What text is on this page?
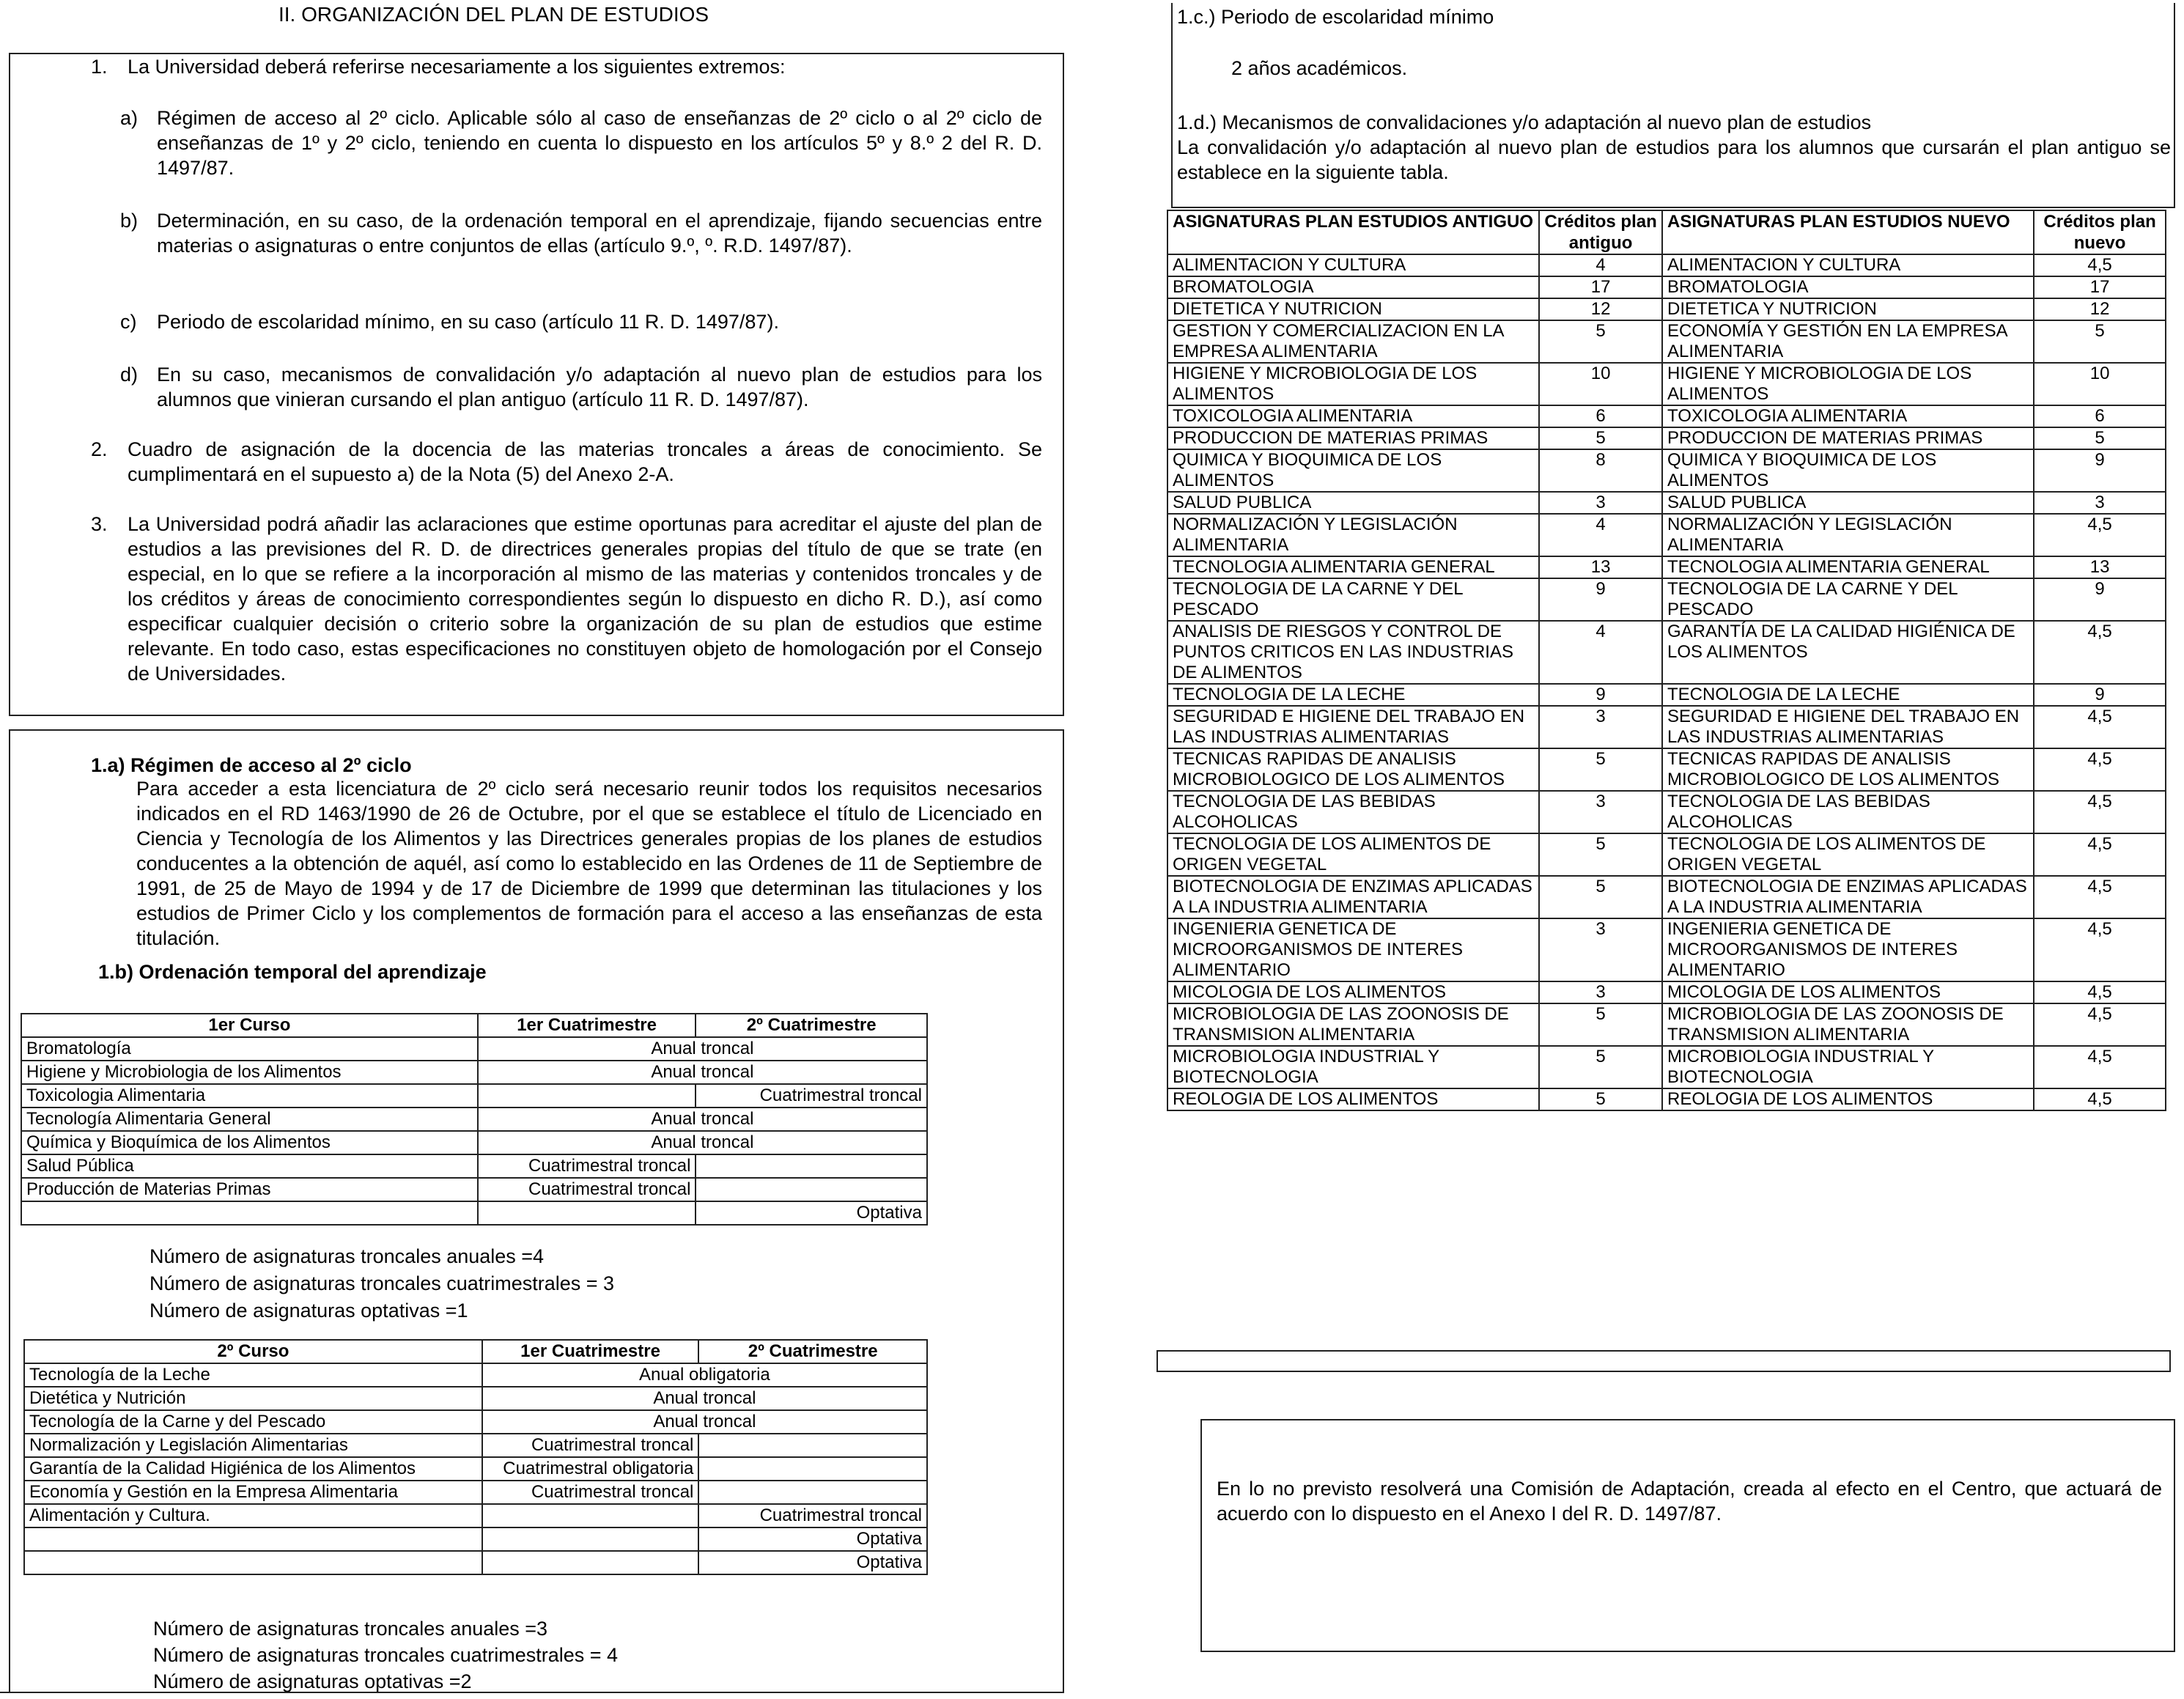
II. ORGANIZACIÓN DEL PLAN DE ESTUDIOS
1. La Universidad deberá referirse necesariamente a los siguientes extremos:
a) Régimen de acceso al 2º ciclo. Aplicable sólo al caso de enseñanzas de 2º ciclo o al 2º ciclo de enseñanzas de 1º y 2º ciclo, teniendo en cuenta lo dispuesto en los artículos 5º y 8.º 2 del R. D. 1497/87.
b) Determinación, en su caso, de la ordenación temporal en el aprendizaje, fijando secuencias entre materias o asignaturas o entre conjuntos de ellas (artículo 9.º, º. R.D. 1497/87).
c) Periodo de escolaridad mínimo, en su caso (artículo 11 R. D. 1497/87).
d) En su caso, mecanismos de convalidación y/o adaptación al nuevo plan de estudios para los alumnos que vinieran cursando el plan antiguo (artículo 11 R. D. 1497/87).
2. Cuadro de asignación de la docencia de las materias troncales a áreas de conocimiento. Se cumplimentará en el supuesto a) de la Nota (5) del Anexo 2-A.
3. La Universidad podrá añadir las aclaraciones que estime oportunas para acreditar el ajuste del plan de estudios a las previsiones del R. D. de directrices generales propias del título de que se trate (en especial, en lo que se refiere a la incorporación al mismo de las materias y contenidos troncales y de los créditos y áreas de conocimiento correspondientes según lo dispuesto en dicho R. D.), así como especificar cualquier decisión o criterio sobre la organización de su plan de estudios que estime relevante. En todo caso, estas especificaciones no constituyen objeto de homologación por el Consejo de Universidades.
1.a) Régimen de acceso al 2º ciclo
Para acceder a esta licenciatura de 2º ciclo será necesario reunir todos los requisitos necesarios indicados en el RD 1463/1990 de 26 de Octubre, por el que se establece el título de Licenciado en Ciencia y Tecnología de los Alimentos y las Directrices generales propias de los planes de estudios conducentes a la obtención de aquél, así como lo establecido en las Ordenes de 11 de Septiembre de 1991, de 25 de Mayo de 1994 y de 17 de Diciembre de 1999 que determinan las titulaciones y los estudios de Primer Ciclo y los complementos de formación para el acceso a las enseñanzas de esta titulación.
1.b) Ordenación temporal del aprendizaje
1er Curso	1er Cuatrimestre	2º Cuatrimestre
Bromatología	Anual troncal	
Higiene y Microbiologia de los Alimentos	Anual troncal	
Toxicologia Alimentaria		Cuatrimestral troncal
Tecnología Alimentaria General	Anual troncal	
Química y Bioquímica de los Alimentos	Anual troncal	
Salud Pública	Cuatrimestral troncal	
Producción de Materias Primas	Cuatrimestral troncal	
		Optativa
Número de asignaturas troncales anuales =4
Número de asignaturas troncales cuatrimestrales = 3
Número de asignaturas optativas =1
2º Curso	1er Cuatrimestre	2º Cuatrimestre
Tecnología de la Leche	Anual obligatoria	
Dietética y Nutrición	Anual troncal	
Tecnología de la Carne y del Pescado	Anual troncal	
Normalización y Legislación Alimentarias	Cuatrimestral troncal	
Garantía de la Calidad Higiénica de los Alimentos	Cuatrimestral obligatoria	
Economía y Gestión en la Empresa Alimentaria	Cuatrimestral troncal	
Alimentación y Cultura.		Cuatrimestral troncal
		Optativa
		Optativa
Número de asignaturas troncales anuales =3
Número de asignaturas troncales cuatrimestrales = 4
Número de asignaturas optativas =2
1.c.) Periodo de escolaridad mínimo
2 años académicos.
1.d.) Mecanismos de convalidaciones y/o adaptación al nuevo plan de estudios
La convalidación y/o adaptación al nuevo plan de estudios para los alumnos que cursarán el plan antiguo se establece en la siguiente tabla.
ASIGNATURAS PLAN ESTUDIOS ANTIGUO	Créditos plan antiguo	ASIGNATURAS PLAN ESTUDIOS NUEVO	Créditos plan nuevo
ALIMENTACION Y CULTURA	4	ALIMENTACION Y CULTURA	4,5
BROMATOLOGIA	17	BROMATOLOGIA	17
DIETETICA Y NUTRICION	12	DIETETICA Y NUTRICION	12
GESTION Y COMERCIALIZACION EN LA EMPRESA ALIMENTARIA	5	ECONOMÍA Y GESTIÓN EN LA EMPRESA ALIMENTARIA	5
HIGIENE Y MICROBIOLOGIA DE LOS ALIMENTOS	10	HIGIENE Y MICROBIOLOGIA DE LOS ALIMENTOS	10
TOXICOLOGIA ALIMENTARIA	6	TOXICOLOGIA ALIMENTARIA	6
PRODUCCION DE MATERIAS PRIMAS	5	PRODUCCION DE MATERIAS PRIMAS	5
QUIMICA Y BIOQUIMICA DE LOS ALIMENTOS	8	QUIMICA Y BIOQUIMICA DE LOS ALIMENTOS	9
SALUD PUBLICA	3	SALUD PUBLICA	3
NORMALIZACIÓN Y LEGISLACIÓN ALIMENTARIA	4	NORMALIZACIÓN Y LEGISLACIÓN ALIMENTARIA	4,5
TECNOLOGIA ALIMENTARIA GENERAL	13	TECNOLOGIA ALIMENTARIA GENERAL	13
TECNOLOGIA DE LA CARNE Y DEL PESCADO	9	TECNOLOGIA DE LA CARNE Y DEL PESCADO	9
ANALISIS DE RIESGOS Y CONTROL DE PUNTOS CRITICOS EN LAS INDUSTRIAS DE ALIMENTOS	4	GARANTÍA DE LA CALIDAD HIGIÉNICA DE LOS ALIMENTOS	4,5
TECNOLOGIA DE LA LECHE	9	TECNOLOGIA DE LA LECHE	9
SEGURIDAD E HIGIENE DEL TRABAJO EN LAS INDUSTRIAS ALIMENTARIAS	3	SEGURIDAD E HIGIENE DEL TRABAJO EN LAS INDUSTRIAS ALIMENTARIAS	4,5
TECNICAS RAPIDAS DE ANALISIS MICROBIOLOGICO DE LOS ALIMENTOS	5	TECNICAS RAPIDAS DE ANALISIS MICROBIOLOGICO DE LOS ALIMENTOS	4,5
TECNOLOGIA DE LAS BEBIDAS ALCOHOLICAS	3	TECNOLOGIA DE LAS BEBIDAS ALCOHOLICAS	4,5
TECNOLOGIA DE LOS ALIMENTOS DE ORIGEN VEGETAL	5	TECNOLOGIA DE LOS ALIMENTOS DE ORIGEN VEGETAL	4,5
BIOTECNOLOGIA DE ENZIMAS APLICADAS A LA INDUSTRIA ALIMENTARIA	5	BIOTECNOLOGIA DE ENZIMAS APLICADAS A LA INDUSTRIA ALIMENTARIA	4,5
INGENIERIA GENETICA DE MICROORGANISMOS DE INTERES ALIMENTARIO	3	INGENIERIA GENETICA DE MICROORGANISMOS DE INTERES ALIMENTARIO	4,5
MICOLOGIA DE LOS ALIMENTOS	3	MICOLOGIA DE LOS ALIMENTOS	4,5
MICROBIOLOGIA DE LAS ZOONOSIS DE TRANSMISION ALIMENTARIA	5	MICROBIOLOGIA DE LAS ZOONOSIS DE TRANSMISION ALIMENTARIA	4,5
MICROBIOLOGIA INDUSTRIAL Y BIOTECNOLOGIA	5	MICROBIOLOGIA INDUSTRIAL Y BIOTECNOLOGIA	4,5
REOLOGIA DE LOS ALIMENTOS	5	REOLOGIA DE LOS ALIMENTOS	4,5
En lo no previsto resolverá una Comisión de Adaptación, creada al efecto en el Centro, que actuará de acuerdo con lo dispuesto en el Anexo I del R. D. 1497/87.
